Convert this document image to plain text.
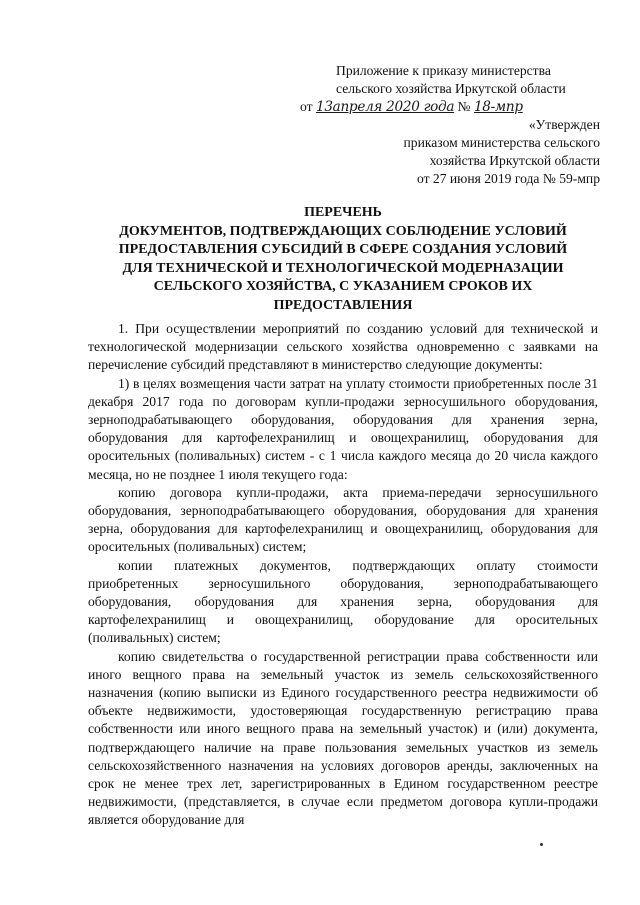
Приложение к приказу министерства
сельского хозяйства Иркутской области
от 13апреля 2020 года № 18-мпр
«Утвержден
приказом министерства сельского
хозяйства Иркутской области
от 27 июня 2019 года № 59-мпр
ПЕРЕЧЕНЬ
ДОКУМЕНТОВ, ПОДТВЕРЖДАЮЩИХ СОБЛЮДЕНИЕ УСЛОВИЙ
ПРЕДОСТАВЛЕНИЯ СУБСИДИЙ В СФЕРЕ СОЗДАНИЯ УСЛОВИЙ
ДЛЯ ТЕХНИЧЕСКОЙ И ТЕХНОЛОГИЧЕСКОЙ МОДЕРНАЗАЦИИ
СЕЛЬСКОГО ХОЗЯЙСТВА, С УКАЗАНИЕМ СРОКОВ ИХ
ПРЕДОСТАВЛЕНИЯ

1. При осуществлении мероприятий по созданию условий для технической и технологической модернизации сельского хозяйства одновременно с заявками на перечисление субсидий представляют в министерство следующие документы:

1) в целях возмещения части затрат на уплату стоимости приобретенных после 31 декабря 2017 года по договорам купли-продажи зерносушильного оборудования, зерноподрабатывающего оборудования, оборудования для хранения зерна, оборудования для картофелехранилищ и овощехранилищ, оборудования для оросительных (поливальных) систем - с 1 числа каждого месяца до 20 числа каждого месяца, но не позднее 1 июля текущего года:

копию договора купли-продажи, акта приема-передачи зерносушильного оборудования, зерноподрабатывающего оборудования, оборудования для хранения зерна, оборудования для картофелехранилищ и овощехранилищ, оборудования для оросительных (поливальных) систем;

копии платежных документов, подтверждающих оплату стоимости приобретенных зерносушильного оборудования, зерноподрабатывающего оборудования, оборудования для хранения зерна, оборудования для картофелехранилищ и овощехранилищ, оборудование для оросительных (поливальных) систем;

копию свидетельства о государственной регистрации права собственности или иного вещного права на земельный участок из земель сельскохозяйственного назначения (копию выписки из Единого государственного реестра недвижимости об объекте недвижимости, удостоверяющая государственную регистрацию права собственности или иного вещного права на земельный участок) и (или) документа, подтверждающего наличие на праве пользования земельных участков из земель сельскохозяйственного назначения на условиях договоров аренды, заключенных на срок не менее трех лет, зарегистрированных в Едином государственном реестре недвижимости, (представляется, в случае если предметом договора купли-продажи является оборудование для
